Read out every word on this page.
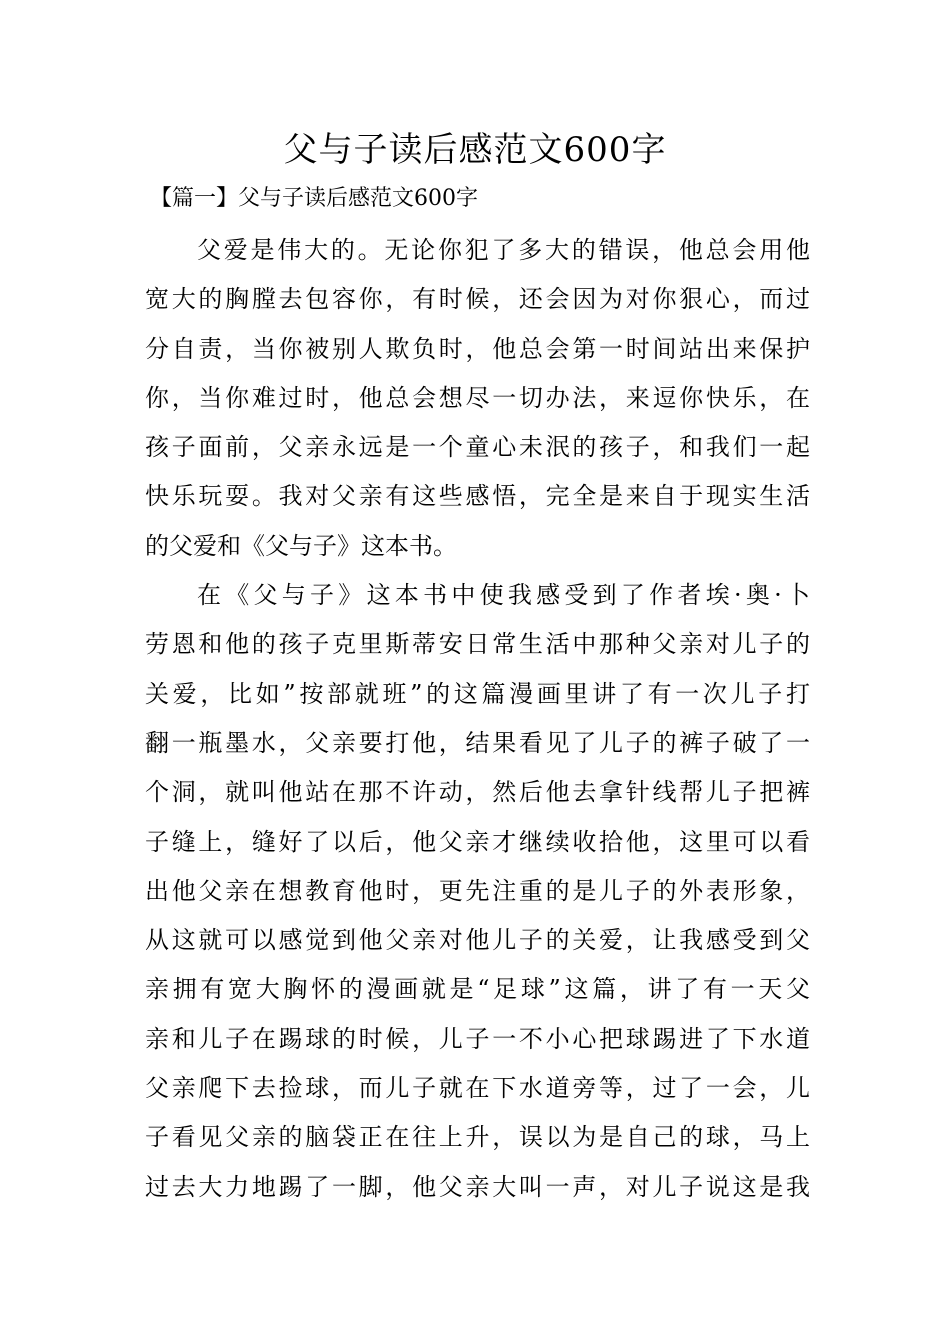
父与子读后感范文600字
【篇一】父与子读后感范文600字

父爱是伟大的。无论你犯了多大的错误，他总会用他
宽大的胸膛去包容你，有时候，还会因为对你狠心，而过
分自责，当你被别人欺负时，他总会第一时间站出来保护
你，当你难过时，他总会想尽一切办法，来逗你快乐，在
孩子面前，父亲永远是一个童心未泯的孩子，和我们一起
快乐玩耍。我对父亲有这些感悟，完全是来自于现实生活
的父爱和《父与子》这本书。

在《父与子》这本书中使我感受到了作者埃·奥·卜
劳恩和他的孩子克里斯蒂安日常生活中那种父亲对儿子的
关爱，比如”按部就班”的这篇漫画里讲了有一次儿子打
翻一瓶墨水，父亲要打他，结果看见了儿子的裤子破了一
个洞，就叫他站在那不许动，然后他去拿针线帮儿子把裤
子缝上，缝好了以后，他父亲才继续收拾他，这里可以看
出他父亲在想教育他时，更先注重的是儿子的外表形象，
从这就可以感觉到他父亲对他儿子的关爱，让我感受到父
亲拥有宽大胸怀的漫画就是“足球”这篇，讲了有一天父
亲和儿子在踢球的时候，儿子一不小心把球踢进了下水道
父亲爬下去捡球，而儿子就在下水道旁等，过了一会，儿
子看见父亲的脑袋正在往上升，误以为是自己的球，马上
过去大力地踢了一脚，他父亲大叫一声，对儿子说这是我
